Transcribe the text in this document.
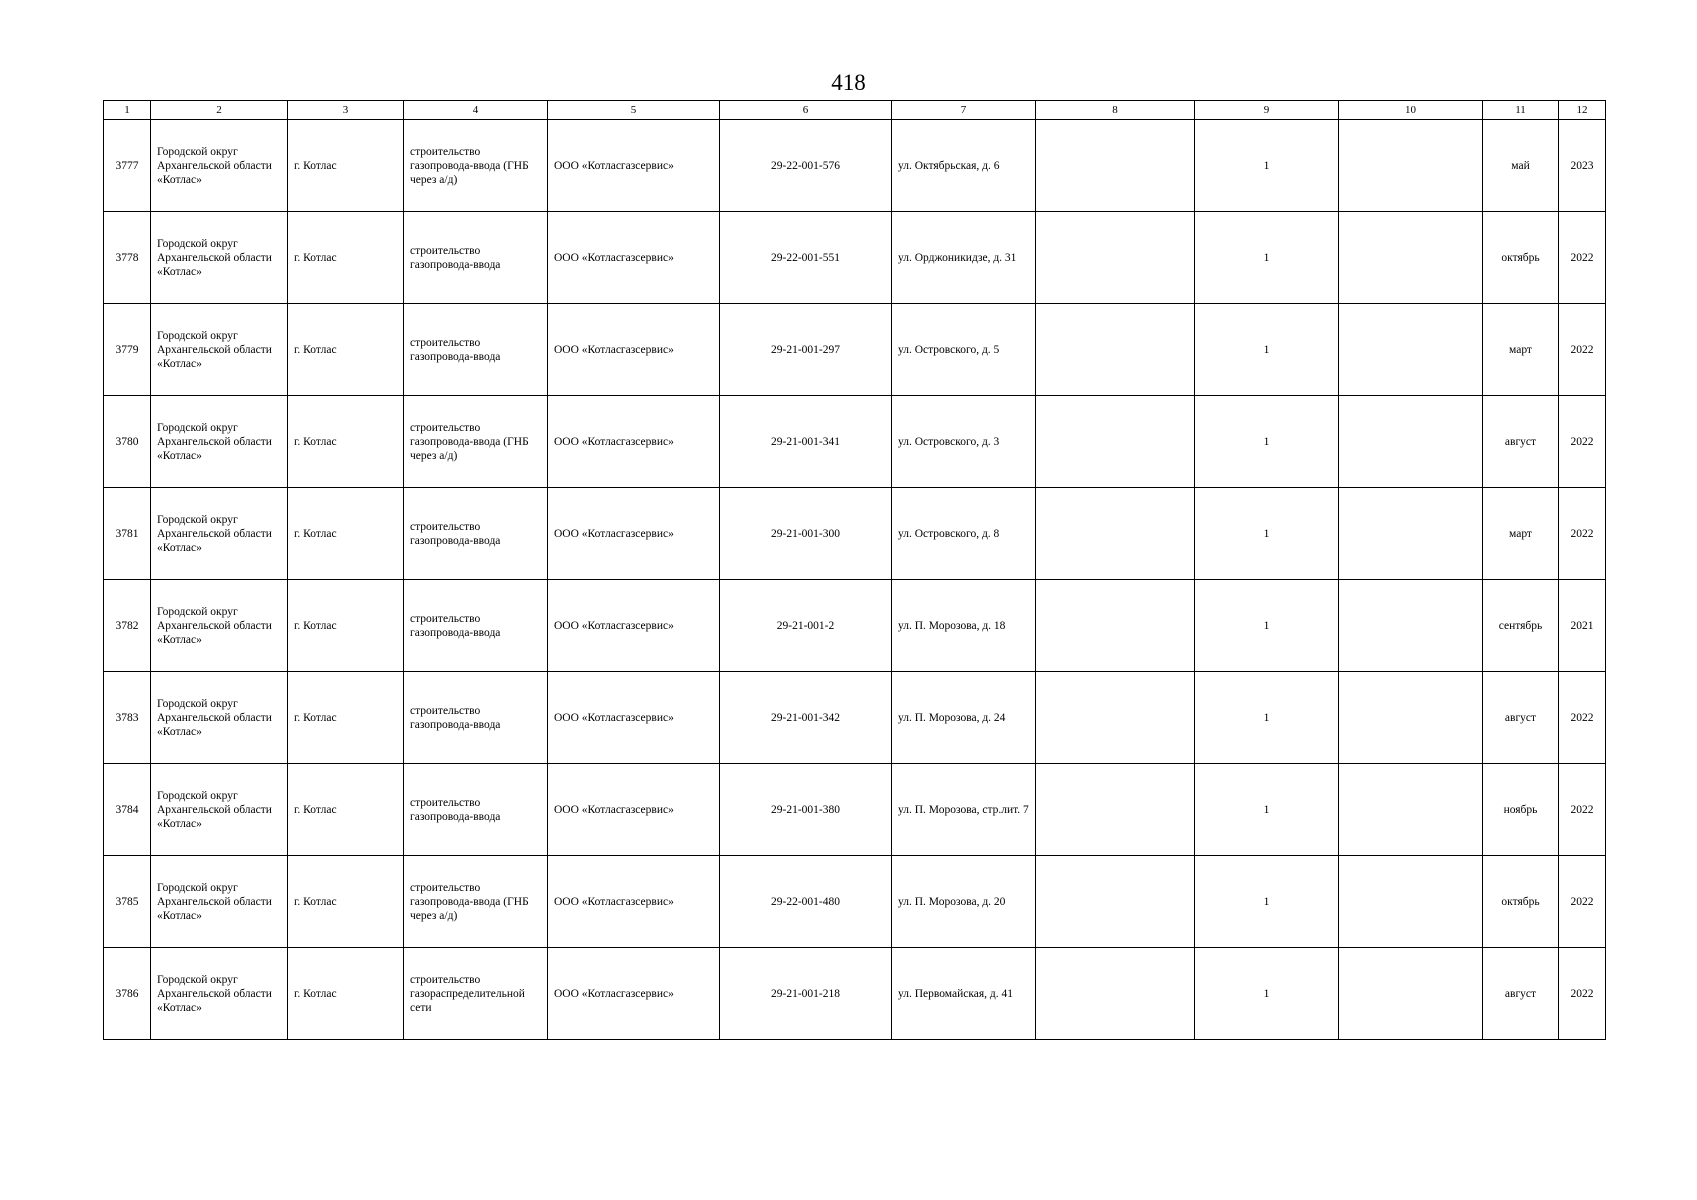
418
1	2	3	4	5	6	7	8	9	10	11	12
3777	Городской округ Архангельской области «Котлас»	г. Котлас	строительство газопровода-ввода (ГНБ через а/д)	ООО «Котласгазсервис»	29-22-001-576	ул. Октябрьская, д. 6		1		май	2023
3778	Городской округ Архангельской области «Котлас»	г. Котлас	строительство газопровода-ввода	ООО «Котласгазсервис»	29-22-001-551	ул. Орджоникидзе, д. 31		1		октябрь	2022
3779	Городской округ Архангельской области «Котлас»	г. Котлас	строительство газопровода-ввода	ООО «Котласгазсервис»	29-21-001-297	ул. Островского, д. 5		1		март	2022
3780	Городской округ Архангельской области «Котлас»	г. Котлас	строительство газопровода-ввода (ГНБ через а/д)	ООО «Котласгазсервис»	29-21-001-341	ул. Островского, д. 3		1		август	2022
3781	Городской округ Архангельской области «Котлас»	г. Котлас	строительство газопровода-ввода	ООО «Котласгазсервис»	29-21-001-300	ул. Островского, д. 8		1		март	2022
3782	Городской округ Архангельской области «Котлас»	г. Котлас	строительство газопровода-ввода	ООО «Котласгазсервис»	29-21-001-2	ул. П. Морозова, д. 18		1		сентябрь	2021
3783	Городской округ Архангельской области «Котлас»	г. Котлас	строительство газопровода-ввода	ООО «Котласгазсервис»	29-21-001-342	ул. П. Морозова, д. 24		1		август	2022
3784	Городской округ Архангельской области «Котлас»	г. Котлас	строительство газопровода-ввода	ООО «Котласгазсервис»	29-21-001-380	ул. П. Морозова, стр.лит. 7		1		ноябрь	2022
3785	Городской округ Архангельской области «Котлас»	г. Котлас	строительство газопровода-ввода (ГНБ через а/д)	ООО «Котласгазсервис»	29-22-001-480	ул. П. Морозова, д. 20		1		октябрь	2022
3786	Городской округ Архангельской области «Котлас»	г. Котлас	строительство газораспределительной сети	ООО «Котласгазсервис»	29-21-001-218	ул. Первомайская, д. 41		1		август	2022
